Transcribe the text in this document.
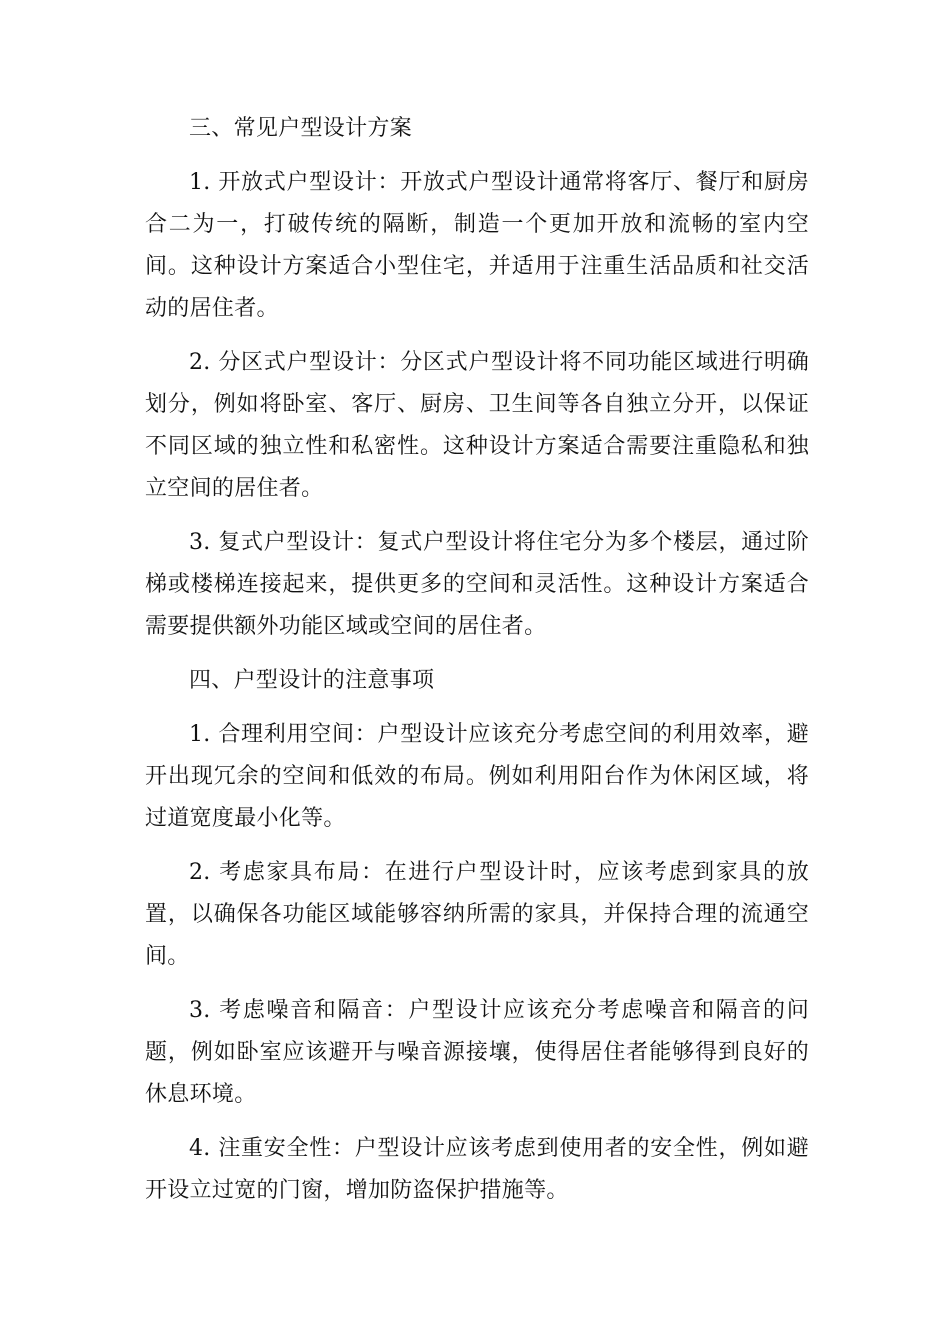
三、常见户型设计方案

1. 开放式户型设计：开放式户型设计通常将客厅、餐厅和厨房合二为一，打破传统的隔断，制造一个更加开放和流畅的室内空间。这种设计方案适合小型住宅，并适用于注重生活品质和社交活动的居住者。

2. 分区式户型设计：分区式户型设计将不同功能区域进行明确划分，例如将卧室、客厅、厨房、卫生间等各自独立分开，以保证不同区域的独立性和私密性。这种设计方案适合需要注重隐私和独立空间的居住者。

3. 复式户型设计：复式户型设计将住宅分为多个楼层，通过阶梯或楼梯连接起来，提供更多的空间和灵活性。这种设计方案适合需要提供额外功能区域或空间的居住者。

四、户型设计的注意事项

1. 合理利用空间：户型设计应该充分考虑空间的利用效率，避开出现冗余的空间和低效的布局。例如利用阳台作为休闲区域，将过道宽度最小化等。

2. 考虑家具布局：在进行户型设计时，应该考虑到家具的放置，以确保各功能区域能够容纳所需的家具，并保持合理的流通空间。

3. 考虑噪音和隔音：户型设计应该充分考虑噪音和隔音的问题，例如卧室应该避开与噪音源接壤，使得居住者能够得到良好的休息环境。

4. 注重安全性：户型设计应该考虑到使用者的安全性，例如避开设立过宽的门窗，增加防盗保护措施等。
